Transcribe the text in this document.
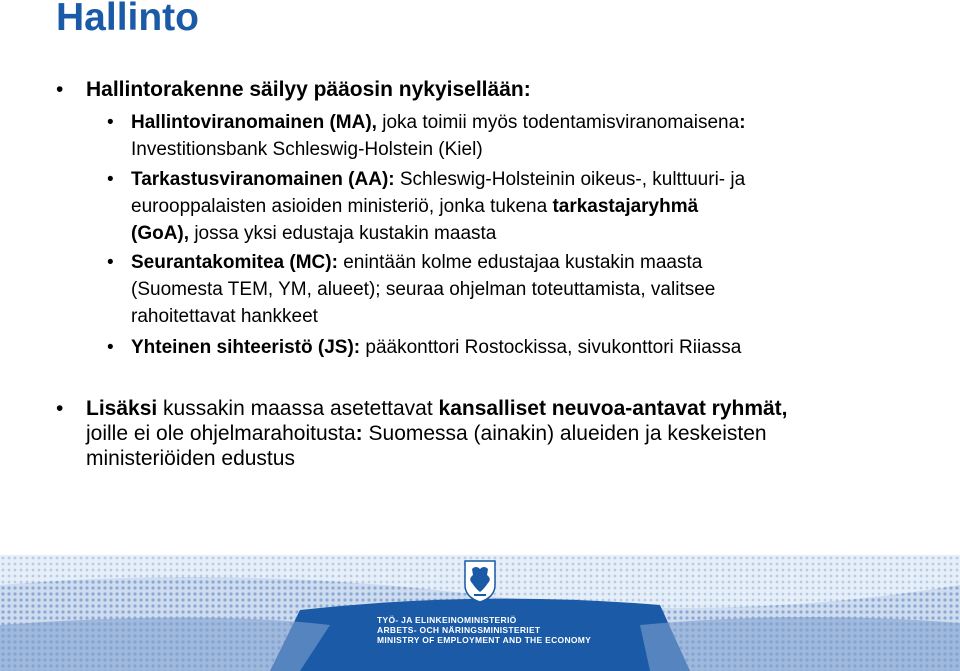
Hallinto
• Hallintorakenne säilyy pääosin nykyisellään:
• Hallintoviranomainen (MA), joka toimii myös todentamisviranomaisena:
Investitionsbank Schleswig-Holstein (Kiel)
• Tarkastusviranomainen (AA): Schleswig-Holsteinin oikeus-, kulttuuri- ja
eurooppalaisten asioiden ministeriö, jonka tukena tarkastajaryhmä
(GoA), jossa yksi edustaja kustakin maasta
• Seurantakomitea (MC): enintään kolme edustajaa kustakin maasta
(Suomesta TEM, YM, alueet); seuraa ohjelman toteuttamista, valitsee
rahoitettavat hankkeet
• Yhteinen sihteeristö (JS): pääkonttori Rostockissa, sivukonttori Riiassa
• Lisäksi kussakin maassa asetettavat kansalliset neuvoa-antavat ryhmät,
joille ei ole ohjelmarahoitusta: Suomessa (ainakin) alueiden ja keskeisten
ministeriöiden edustus
TYÖ- JA ELINKEINOMINISTERIÖ
ARBETS- OCH NÄRINGSMINISTERIET
MINISTRY OF EMPLOYMENT AND THE ECONOMY
